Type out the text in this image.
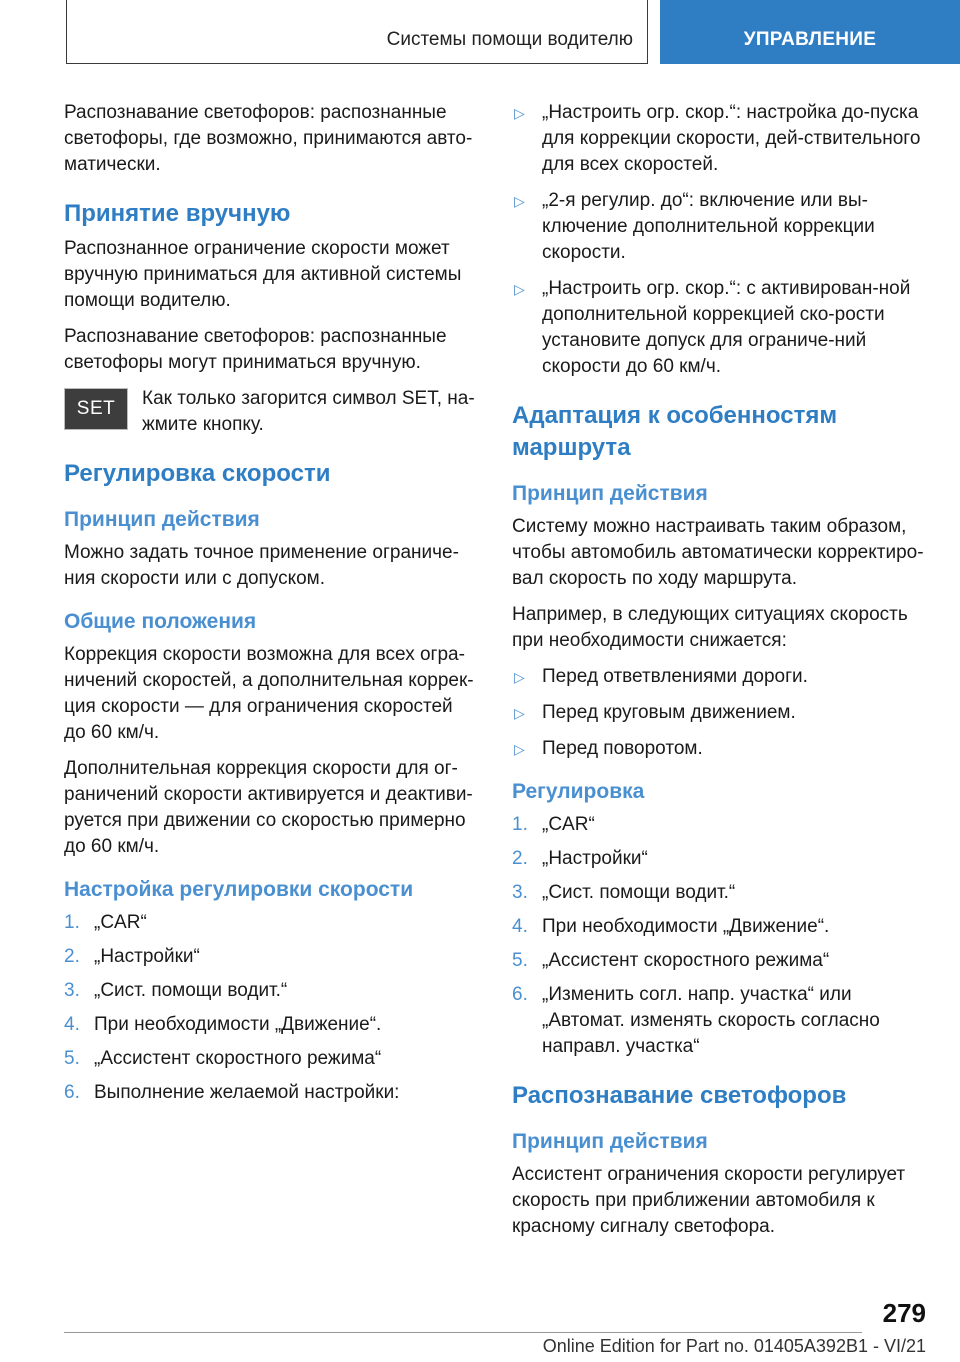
Системы помощи водителю	УПРАВЛЕНИЕ

Распознавание светофоров: распознанные светофоры, где возможно, принимаются авто-матически.

Принятие вручную

Распознанное ограничение скорости может вручную приниматься для активной системы помощи водителю.

Распознавание светофоров: распознанные светофоры могут приниматься вручную.

SET	Как только загорится символ SET, на-жмите кнопку.

Регулировка скорости
Принцип действия

Можно задать точное применение ограниче-ния скорости или с допуском.

Общие положения

Коррекция скорости возможна для всех огра-ничений скоростей, а дополнительная коррек-ция скорости — для ограничения скоростей до 60 км/ч.

Дополнительная коррекция скорости для ог-раничений скорости активируется и деактиви-руется при движении со скоростью примерно до 60 км/ч.

Настройка регулировки скорости
1. „CAR“
2. „Настройки“
3. „Сист. помощи водит.“
4. При необходимости „Движение“.
5. „Ассистент скоростного режима“
6. Выполнение желаемой настройки:
▷ „Настроить огр. скор.“: настройка до-пуска для коррекции скорости, дей-ствительного для всех скоростей.
▷ „2-я регулир. до“: включение или вы-ключение дополнительной коррекции скорости.
▷ „Настроить огр. скор.“: с активирован-ной дополнительной коррекцией ско-рости установите допуск для ограниче-ний скорости до 60 км/ч.
Адаптация к особенностям маршрута
Принцип действия

Систему можно настраивать таким образом, чтобы автомобиль автоматически корректиро-вал скорость по ходу маршрута.

Например, в следующих ситуациях скорость при необходимости снижается:

▷ Перед ответвлениями дороги.
▷ Перед круговым движением.
▷ Перед поворотом.
Регулировка
1. „CAR“
2. „Настройки“
3. „Сист. помощи водит.“
4. При необходимости „Движение“.
5. „Ассистент скоростного режима“
6. „Изменить согл. напр. участка“ или „Автомат. изменять скорость согласно направл. участка“
Распознавание светофоров
Принцип действия

Ассистент ограничения скорости регулирует скорость при приближении автомобиля к красному сигналу светофора.

279
Online Edition for Part no. 01405A392B1 - VI/21
